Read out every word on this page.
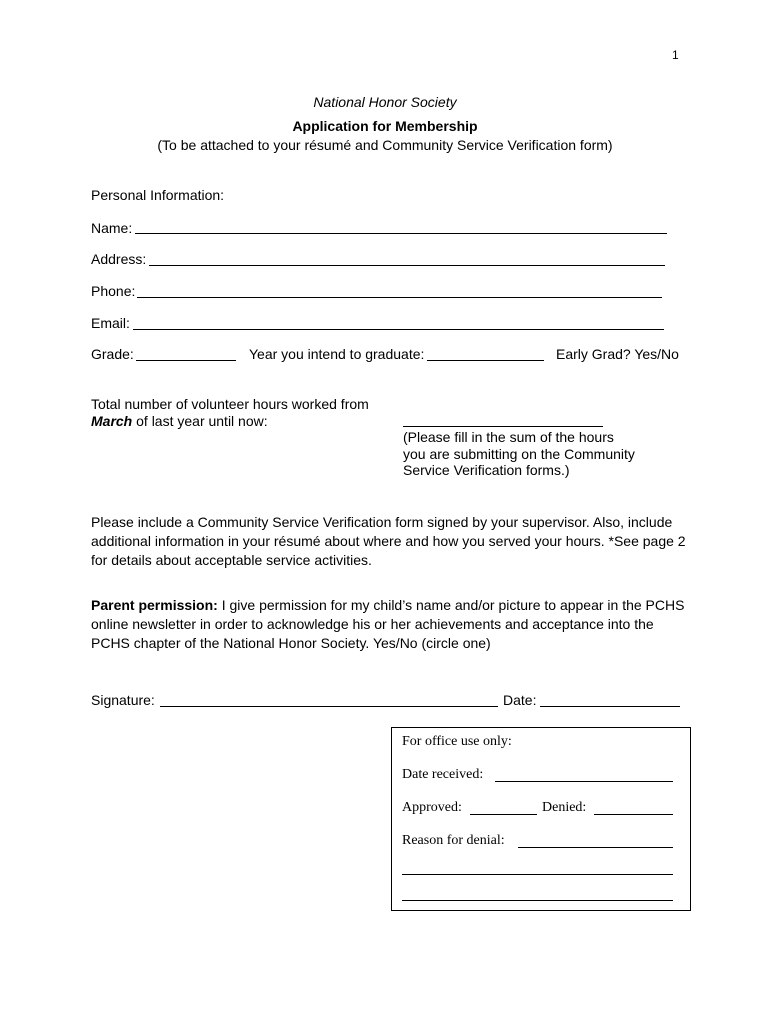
1
National Honor Society
Application for Membership
(To be attached to your résumé and Community Service Verification form)
Personal Information:
Name:
Address:
Phone:
Email:
Grade:	Year you intend to graduate:	Early Grad? Yes/No
Total number of volunteer hours worked from
March of last year until now:
(Please fill in the sum of the hours
you are submitting on the Community
Service Verification forms.)
Please include a Community Service Verification form signed by your supervisor. Also, include
additional information in your résumé about where and how you served your hours. *See page 2
for details about acceptable service activities.
Parent permission: I give permission for my child’s name and/or picture to appear in the PCHS
online newsletter in order to acknowledge his or her achievements and acceptance into the
PCHS chapter of the National Honor Society. Yes/No (circle one)
Signature:	Date:
For office use only:
Date received:
Approved:	Denied:
Reason for denial:
